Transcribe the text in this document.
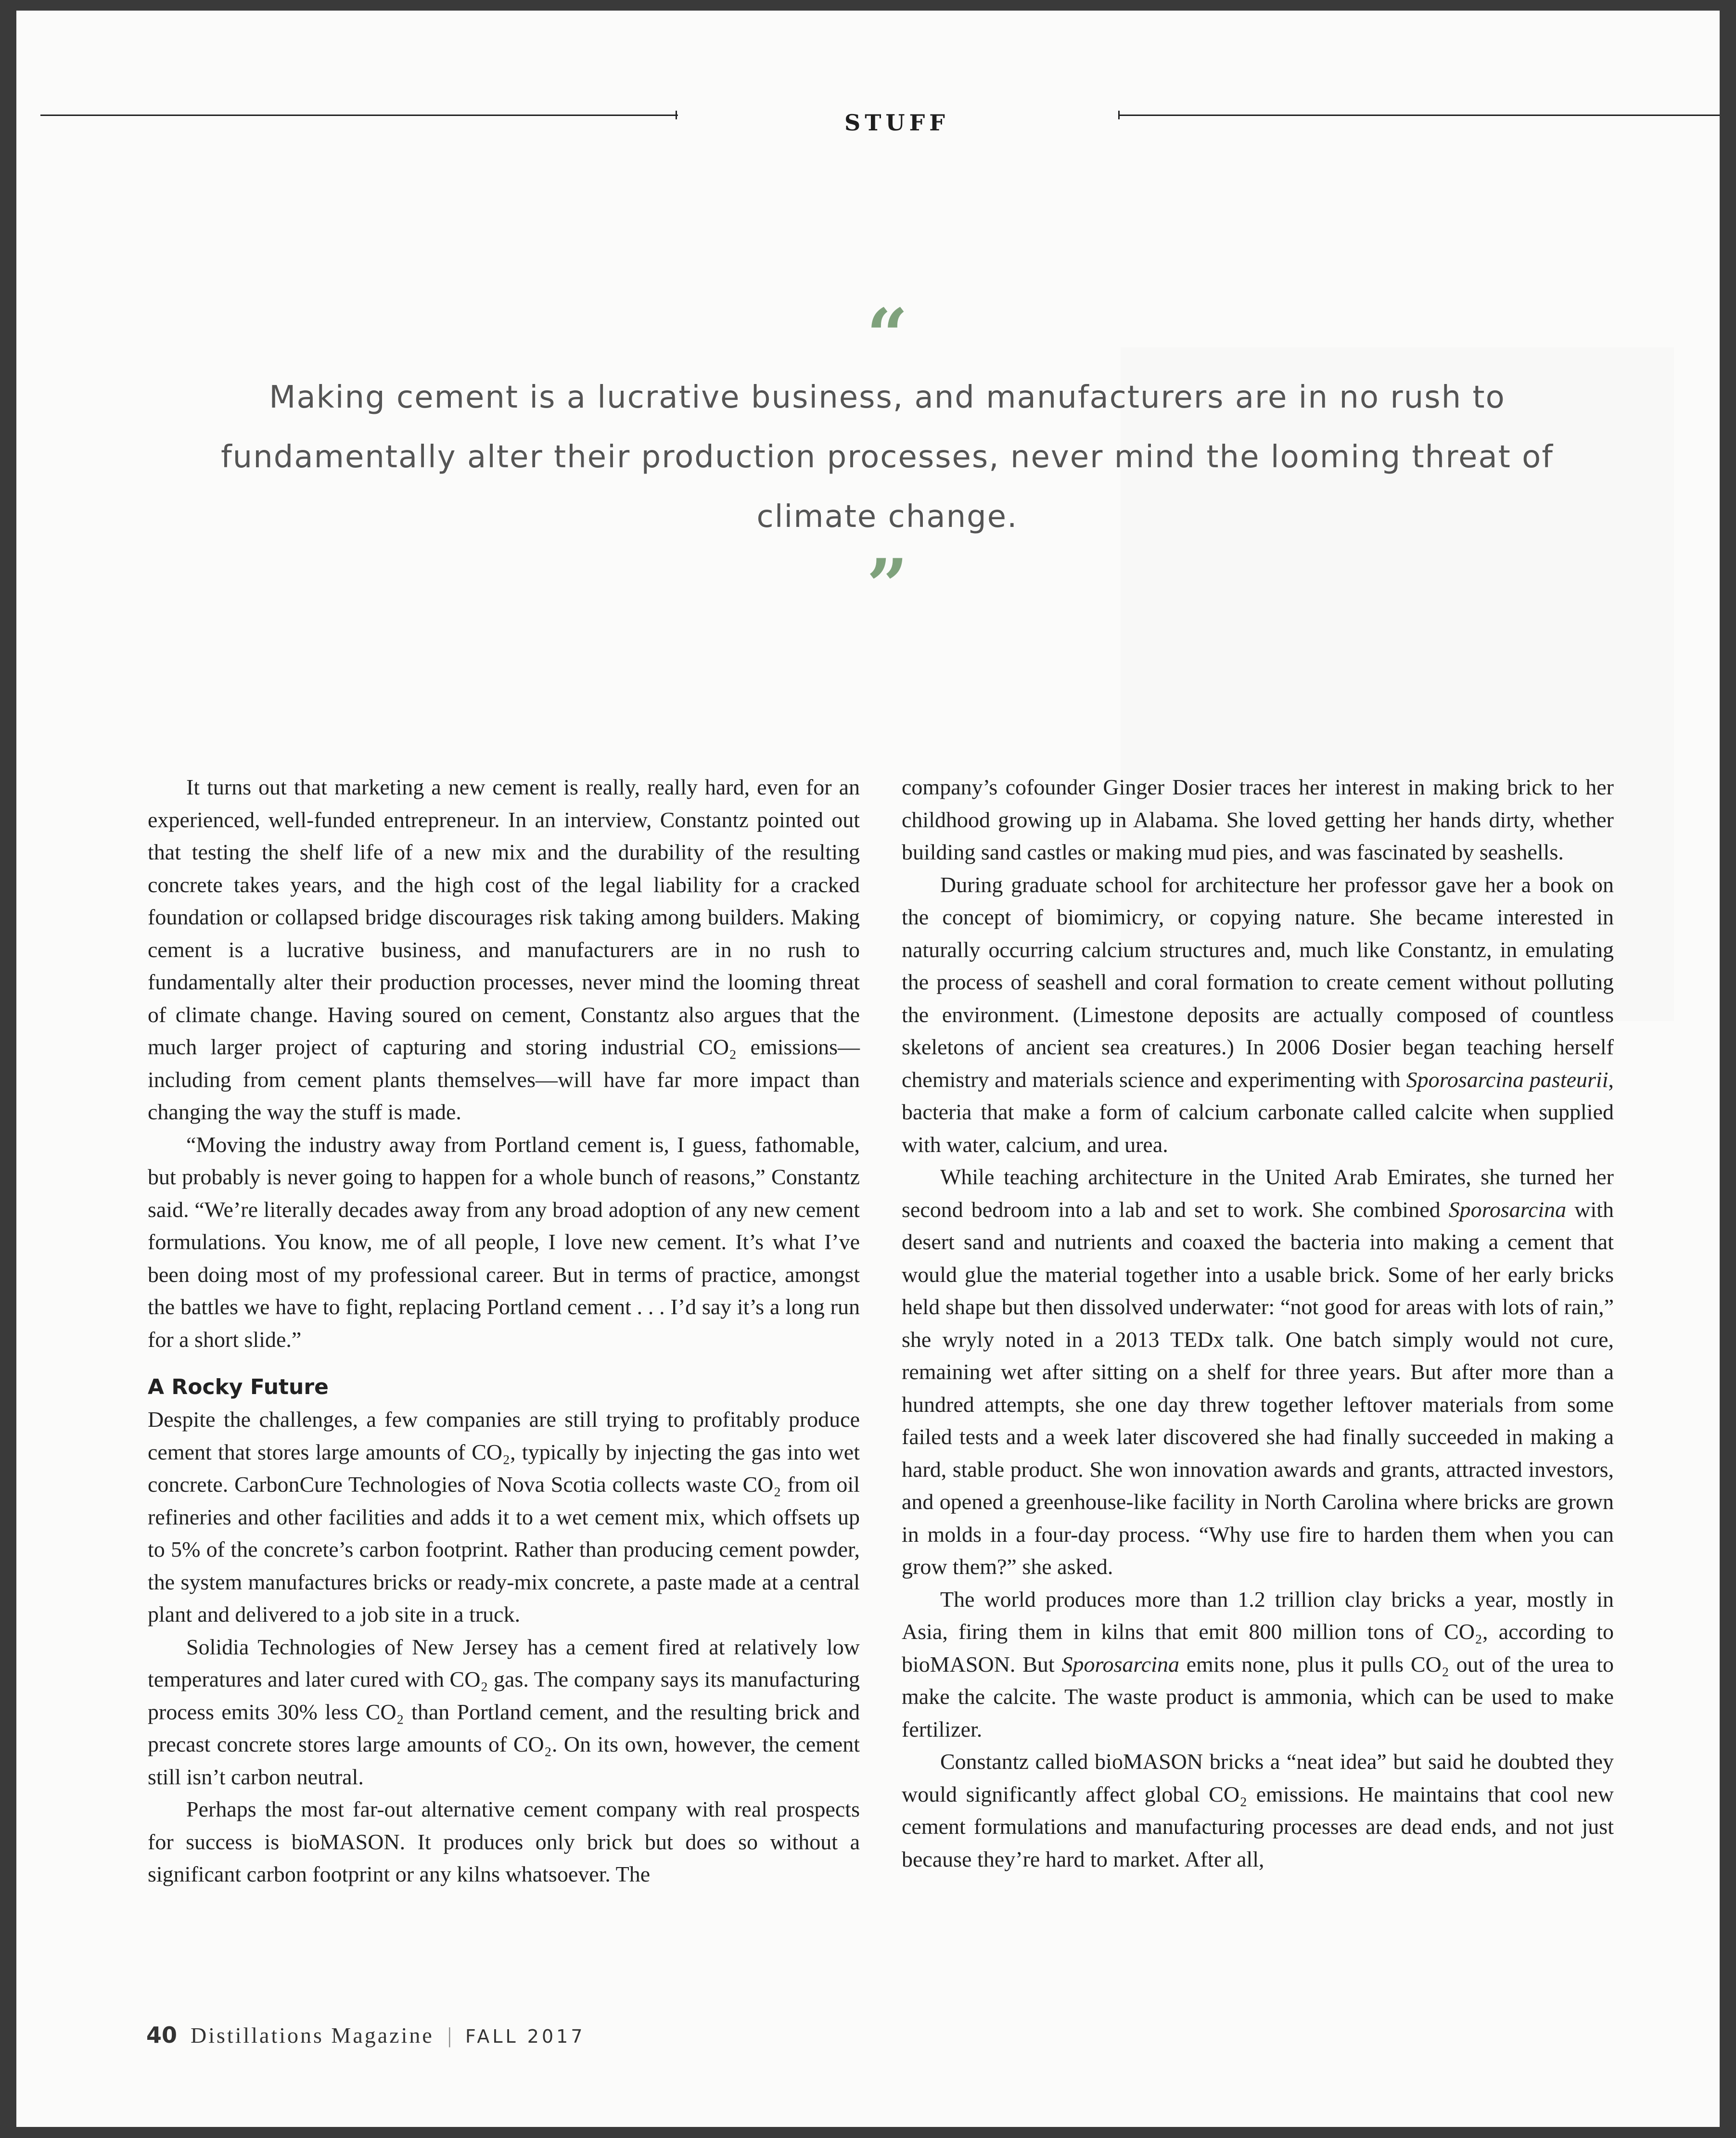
STUFF
“
Making cement is a lucrative business, and manufacturers are in no rush to fundamentally alter their production processes, never mind the looming threat of climate change.
”

It turns out that marketing a new cement is really, really hard, even for an experienced, well-funded entrepreneur. In an interview, Constantz pointed out that testing the shelf life of a new mix and the durability of the resulting concrete takes years, and the high cost of the legal liability for a cracked foundation or collapsed bridge discourages risk taking among builders. Making cement is a lucrative business, and manufacturers are in no rush to fundamentally alter their production processes, never mind the looming threat of climate change. Having soured on cement, Constantz also argues that the much larger project of capturing and storing industrial CO₂ emissions—including from cement plants themselves—will have far more impact than changing the way the stuff is made.

“Moving the industry away from Portland cement is, I guess, fathomable, but probably is never going to happen for a whole bunch of reasons,” Constantz said. “We’re literally decades away from any broad adoption of any new cement formulations. You know, me of all people, I love new cement. It’s what I’ve been doing most of my professional career. But in terms of practice, amongst the battles we have to fight, replacing Portland cement . . . I’d say it’s a long run for a short slide.”

A Rocky Future

Despite the challenges, a few companies are still trying to profitably produce cement that stores large amounts of CO₂, typically by injecting the gas into wet concrete. CarbonCure Technologies of Nova Scotia collects waste CO₂ from oil refineries and other facilities and adds it to a wet cement mix, which offsets up to 5% of the concrete’s carbon footprint. Rather than producing cement powder, the system manufactures bricks or ready-mix concrete, a paste made at a central plant and delivered to a job site in a truck.

Solidia Technologies of New Jersey has a cement fired at relatively low temperatures and later cured with CO₂ gas. The company says its manufacturing process emits 30% less CO₂ than Portland cement, and the resulting brick and precast concrete stores large amounts of CO₂. On its own, however, the cement still isn’t carbon neutral.

Perhaps the most far-out alternative cement company with real prospects for success is bioMASON. It produces only brick but does so without a significant carbon footprint or any kilns whatsoever. The

company’s cofounder Ginger Dosier traces her interest in making brick to her childhood growing up in Alabama. She loved getting her hands dirty, whether building sand castles or making mud pies, and was fascinated by seashells.

During graduate school for architecture her professor gave her a book on the concept of biomimicry, or copying nature. She became interested in naturally occurring calcium structures and, much like Constantz, in emulating the process of seashell and coral formation to create cement without polluting the environment. (Limestone deposits are actually composed of countless skeletons of ancient sea creatures.) In 2006 Dosier began teaching herself chemistry and materials science and experimenting with Sporosarcina pasteurii, bacteria that make a form of calcium carbonate called calcite when supplied with water, calcium, and urea.

While teaching architecture in the United Arab Emirates, she turned her second bedroom into a lab and set to work. She combined Sporosarcina with desert sand and nutrients and coaxed the bacteria into making a cement that would glue the material together into a usable brick. Some of her early bricks held shape but then dissolved underwater: “not good for areas with lots of rain,” she wryly noted in a 2013 TEDx talk. One batch simply would not cure, remaining wet after sitting on a shelf for three years. But after more than a hundred attempts, she one day threw together leftover materials from some failed tests and a week later discovered she had finally succeeded in making a hard, stable product. She won innovation awards and grants, attracted investors, and opened a greenhouse-like facility in North Carolina where bricks are grown in molds in a four-day process. “Why use fire to harden them when you can grow them?” she asked.

The world produces more than 1.2 trillion clay bricks a year, mostly in Asia, firing them in kilns that emit 800 million tons of CO₂, according to bioMASON. But Sporosarcina emits none, plus it pulls CO₂ out of the urea to make the calcite. The waste product is ammonia, which can be used to make fertilizer.

Constantz called bioMASON bricks a “neat idea” but said he doubted they would significantly affect global CO₂ emissions. He maintains that cool new cement formulations and manufacturing processes are dead ends, and not just because they’re hard to market. After all,

40 Distillations Magazine | FALL 2017
